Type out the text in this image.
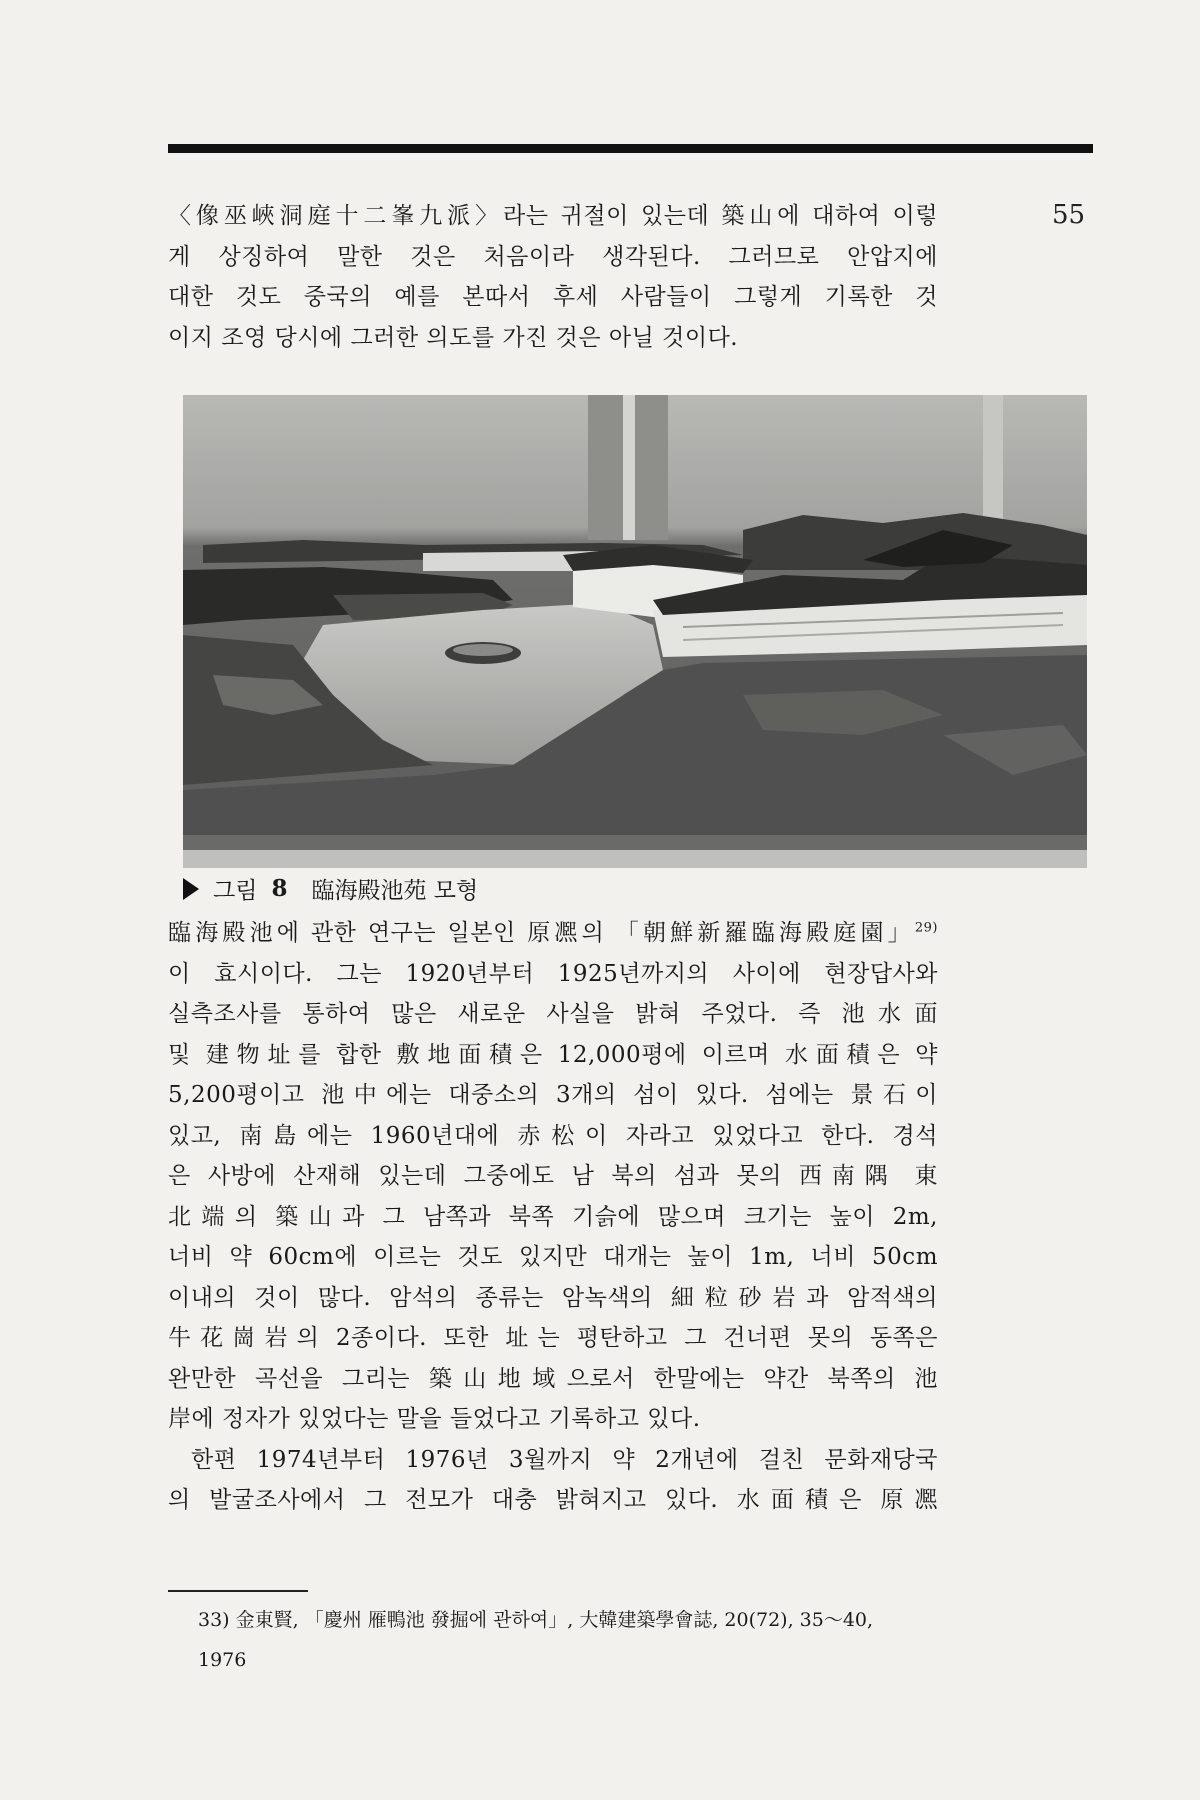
55
〈像巫峽洞庭十二峯九派〉라는 귀절이 있는데 築山에 대하여 이렇
게 상징하여 말한 것은 처음이라 생각된다. 그러므로 안압지에
대한 것도 중국의 예를 본따서 후세 사람들이 그렇게 기록한 것
이지 조영 당시에 그러한 의도를 가진 것은 아닐 것이다.
그림 8 臨海殿池苑 모형
臨海殿池에 관한 연구는 일본인 原凞의 「朝鮮新羅臨海殿庭園」$^{29)}$
이 효시이다. 그는 1920년부터 1925년까지의 사이에 현장답사와
실측조사를 통하여 많은 새로운 사실을 밝혀 주었다. 즉 池水面
및 建物址를 합한 敷地面積은 12,000평에 이르며 水面積은 약
5,200평이고 池中에는 대중소의 3개의 섬이 있다. 섬에는 景石이
있고, 南島에는 1960년대에 赤松이 자라고 있었다고 한다. 경석
은 사방에 산재해 있는데 그중에도 남 북의 섬과 못의 西南隅 東
北端의 築山과 그 남쪽과 북쪽 기슭에 많으며 크기는 높이 2m,
너비 약 60cm에 이르는 것도 있지만 대개는 높이 1m, 너비 50cm
이내의 것이 많다. 암석의 종류는 암녹색의 細粒砂岩과 암적색의
牛花崗岩의 2종이다. 또한 址는 평탄하고 그 건너편 못의 동쪽은
완만한 곡선을 그리는 築山地域으로서 한말에는 약간 북쪽의 池
岸에 정자가 있었다는 말을 들었다고 기록하고 있다.
한편 1974년부터 1976년 3월까지 약 2개년에 걸친 문화재당국
의 발굴조사에서 그 전모가 대충 밝혀지고 있다. 水面積은 原凞
33) 金東賢, 「慶州 雁鴨池 發掘에 관하여」, 大韓建築學會誌, 20(72), 35～40,
1976
